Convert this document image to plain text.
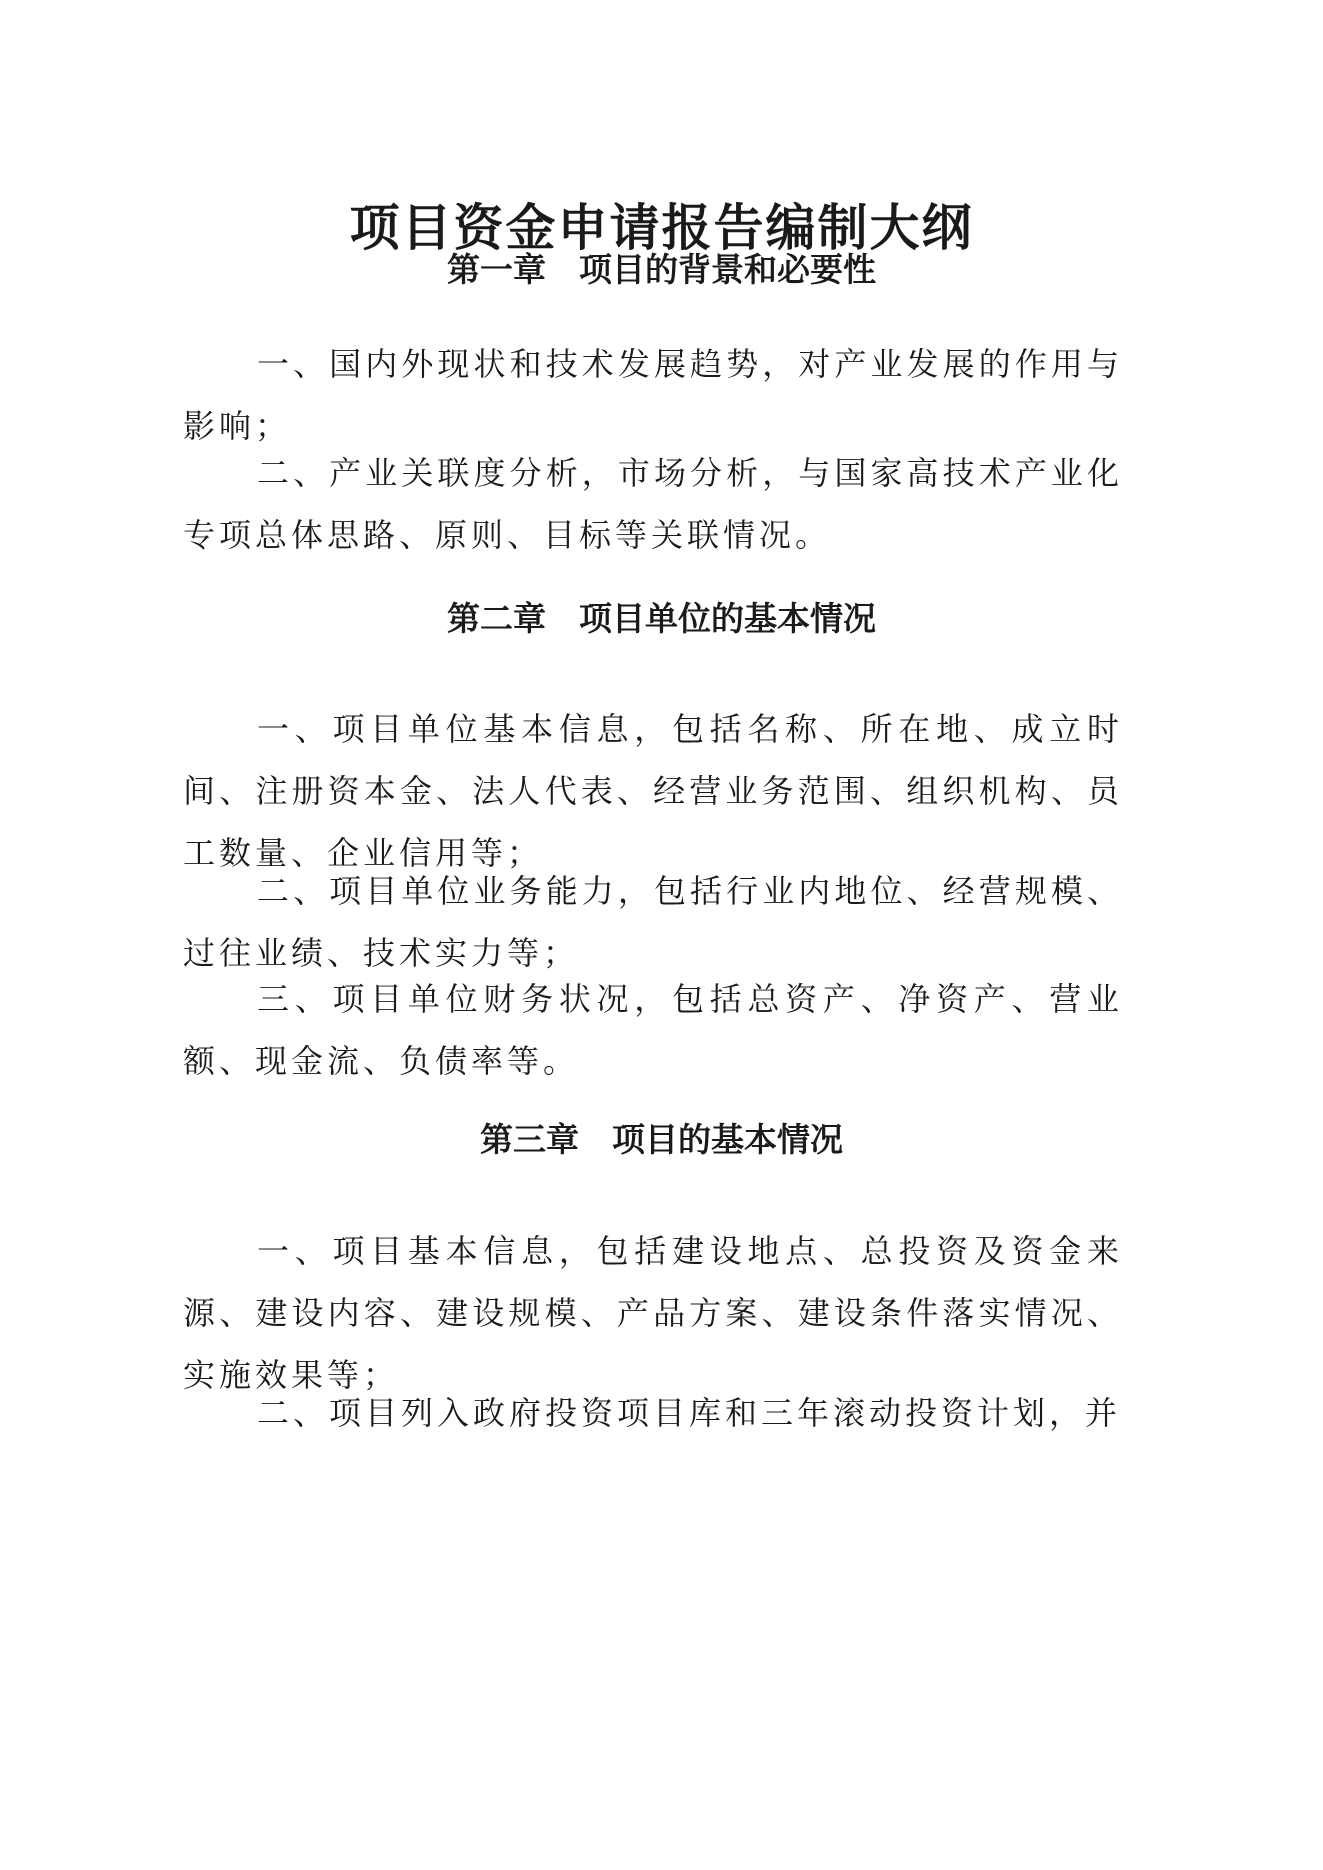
项目资金申请报告编制大纲
第一章　项目的背景和必要性

一、国内外现状和技术发展趋势，对产业发展的作用与影响；

二、产业关联度分析，市场分析，与国家高技术产业化专项总体思路、原则、目标等关联情况。

第二章　项目单位的基本情况

一、项目单位基本信息，包括名称、所在地、成立时间、注册资本金、法人代表、经营业务范围、组织机构、员工数量、企业信用等；

二、项目单位业务能力，包括行业内地位、经营规模、过往业绩、技术实力等；

三、项目单位财务状况，包括总资产、净资产、营业额、现金流、负债率等。

第三章　项目的基本情况

一、项目基本信息，包括建设地点、总投资及资金来源、建设内容、建设规模、产品方案、建设条件落实情况、实施效果等；

二、项目列入政府投资项目库和三年滚动投资计划，并
